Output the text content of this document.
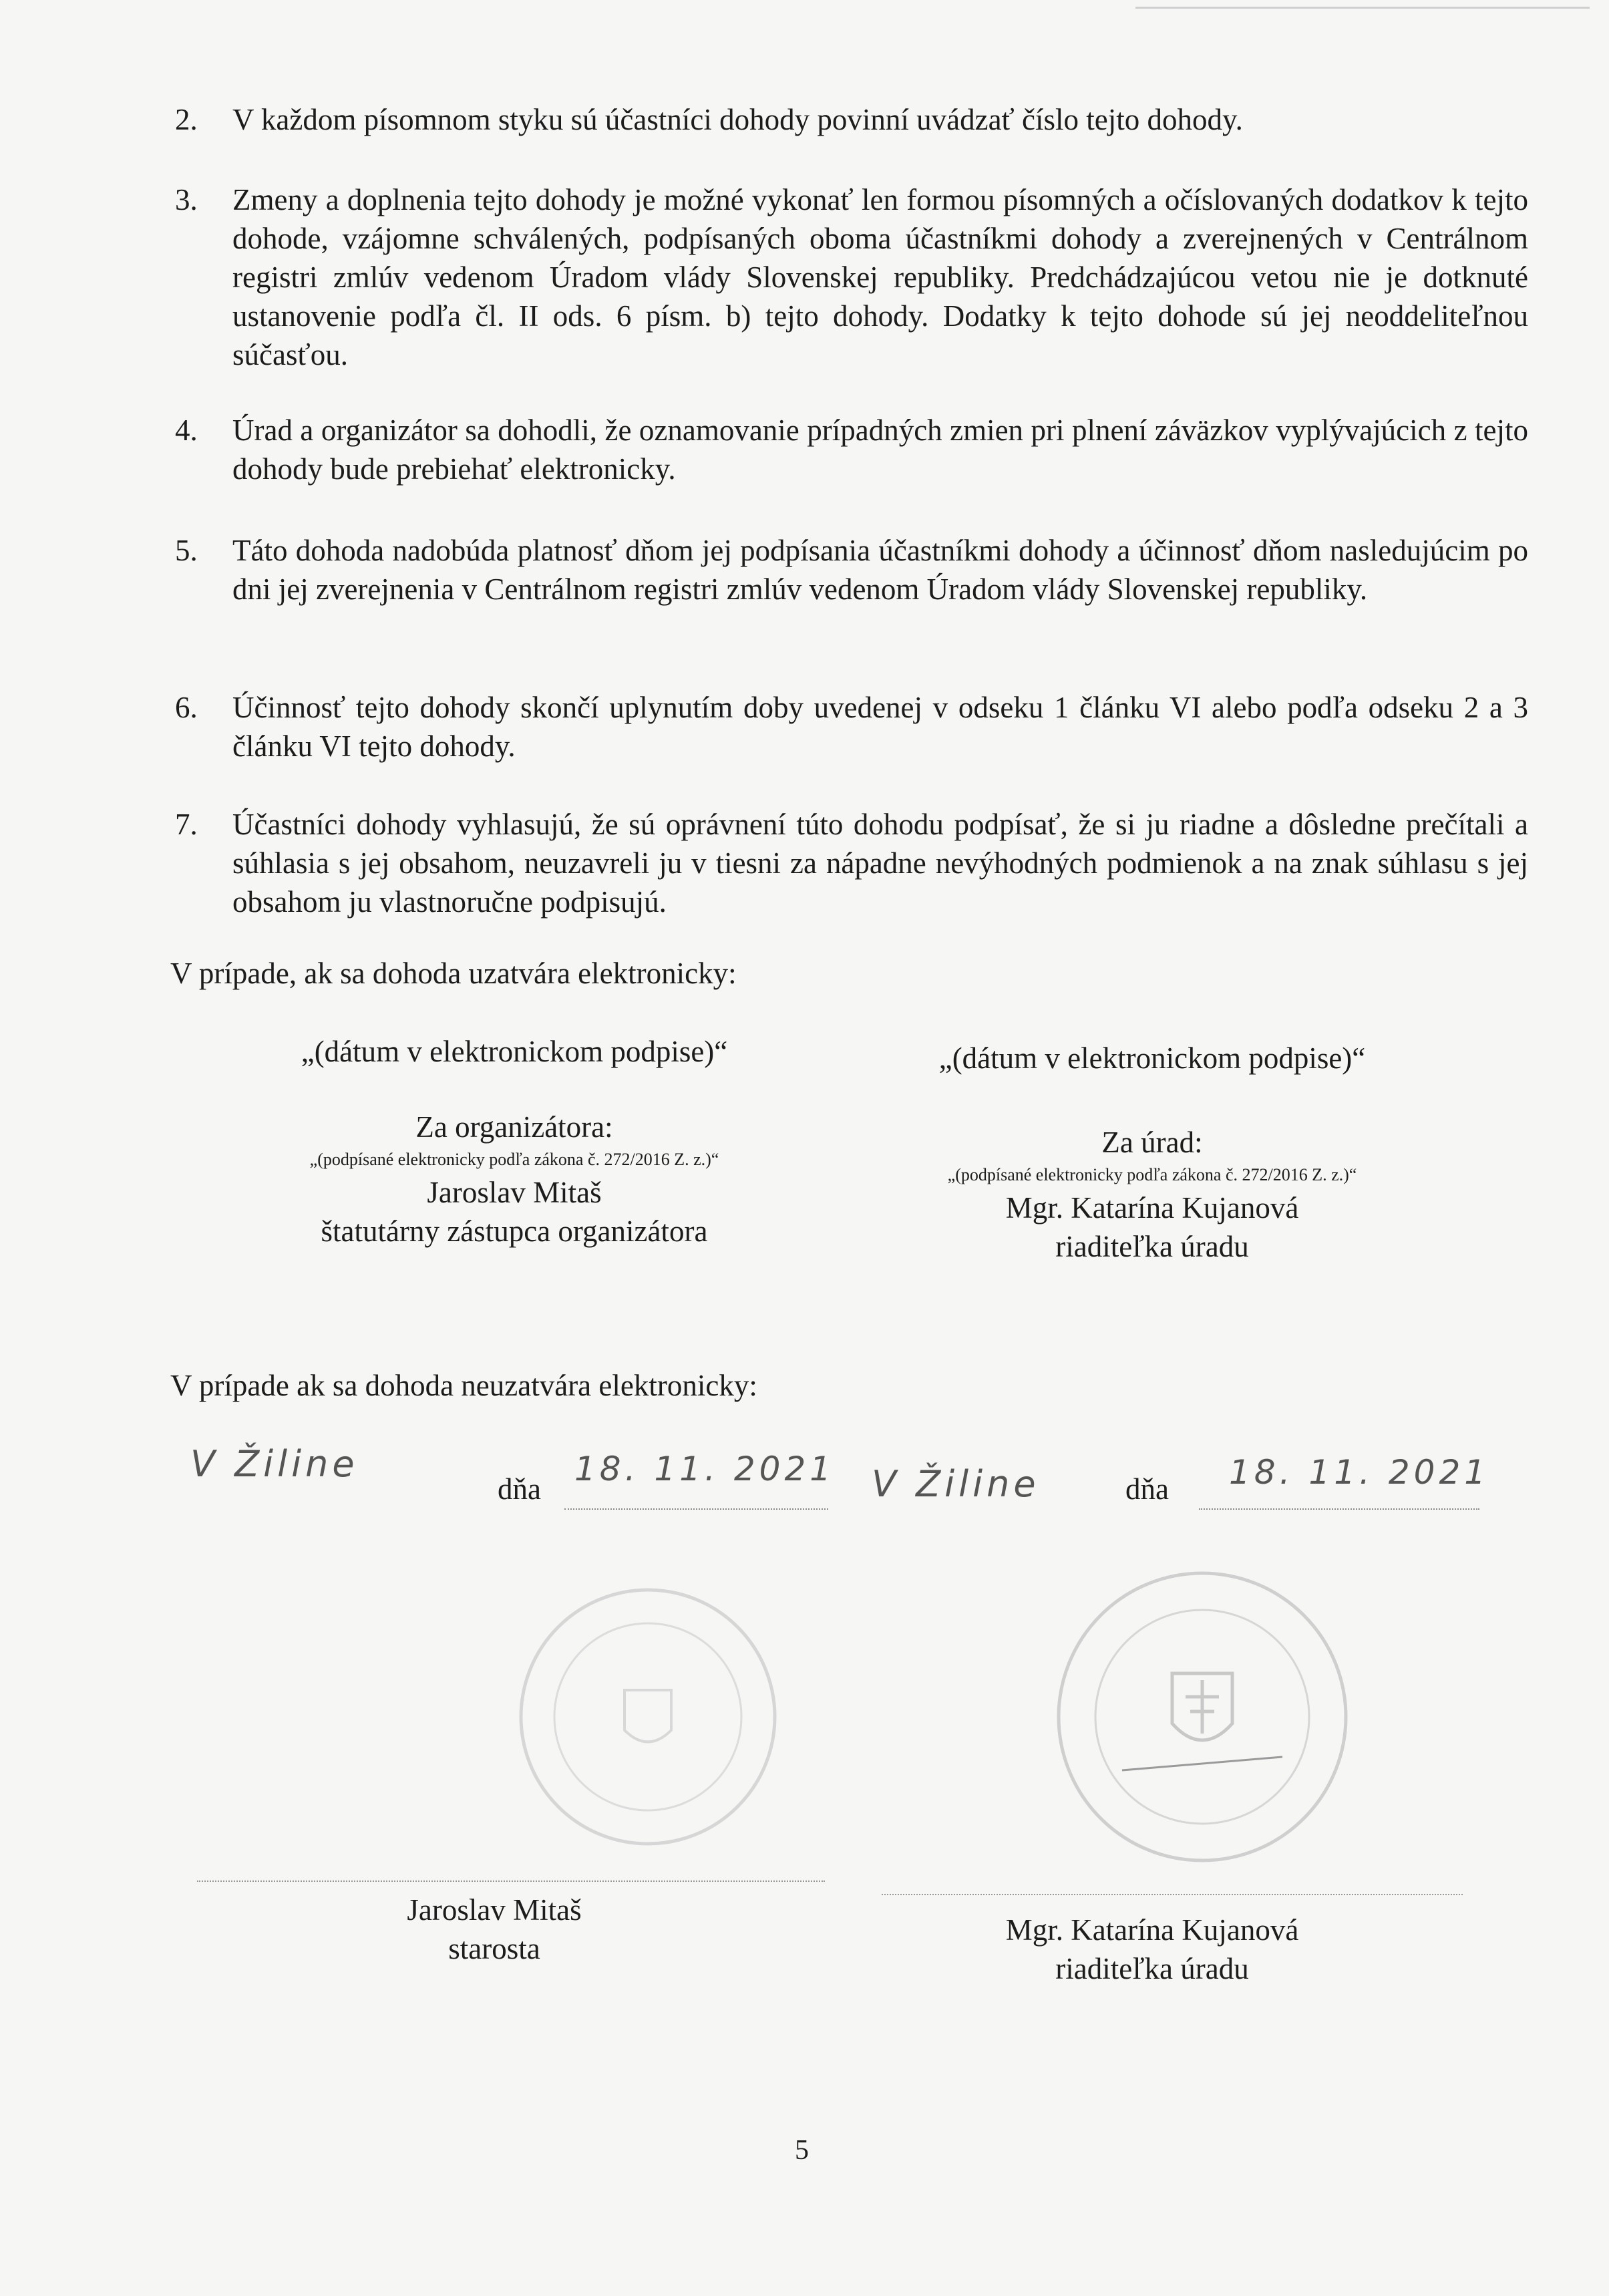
2. V každom písomnom styku sú účastníci dohody povinní uvádzať číslo tejto dohody.
3. Zmeny a doplnenia tejto dohody je možné vykonať len formou písomných a očíslovaných dodatkov k tejto dohode, vzájomne schválených, podpísaných oboma účastníkmi dohody a zverejnených v Centrálnom registri zmlúv vedenom Úradom vlády Slovenskej republiky. Predchádzajúcou vetou nie je dotknuté ustanovenie podľa čl. II ods. 6 písm. b) tejto dohody. Dodatky k tejto dohode sú jej neoddeliteľnou súčasťou.
4. Úrad a organizátor sa dohodli, že oznamovanie prípadných zmien pri plnení záväzkov vyplývajúcich z tejto dohody bude prebiehať elektronicky.
5. Táto dohoda nadobúda platnosť dňom jej podpísania účastníkmi dohody a účinnosť dňom nasledujúcim po dni jej zverejnenia v Centrálnom registri zmlúv vedenom Úradom vlády Slovenskej republiky.
6. Účinnosť tejto dohody skončí uplynutím doby uvedenej v odseku 1 článku VI alebo podľa odseku 2 a 3 článku VI tejto dohody.
7. Účastníci dohody vyhlasujú, že sú oprávnení túto dohodu podpísať, že si ju riadne a dôsledne prečítali a súhlasia s jej obsahom, neuzavreli ju v tiesni za nápadne nevýhodných podmienok a na znak súhlasu s jej obsahom ju vlastnoručne podpisujú.
V prípade, ak sa dohoda uzatvára elektronicky:
„(dátum v elektronickom podpise)“
Za organizátora:
„(podpísané elektronicky podľa zákona č. 272/2016 Z. z.)“
Jaroslav Mitaš
štatutárny zástupca organizátora
„(dátum v elektronickom podpise)“
Za úrad:
„(podpísané elektronicky podľa zákona č. 272/2016 Z. z.)“
Mgr. Katarína Kujanová
riaditeľka úradu
V prípade ak sa dohoda neuzatvára elektronicky:
V Žiline
dňa
18. 11. 2021 V Žiline	dňa 18. 11. 2021
Jaroslav Mitaš
starosta
Mgr. Katarína Kujanová
riaditeľka úradu
5
